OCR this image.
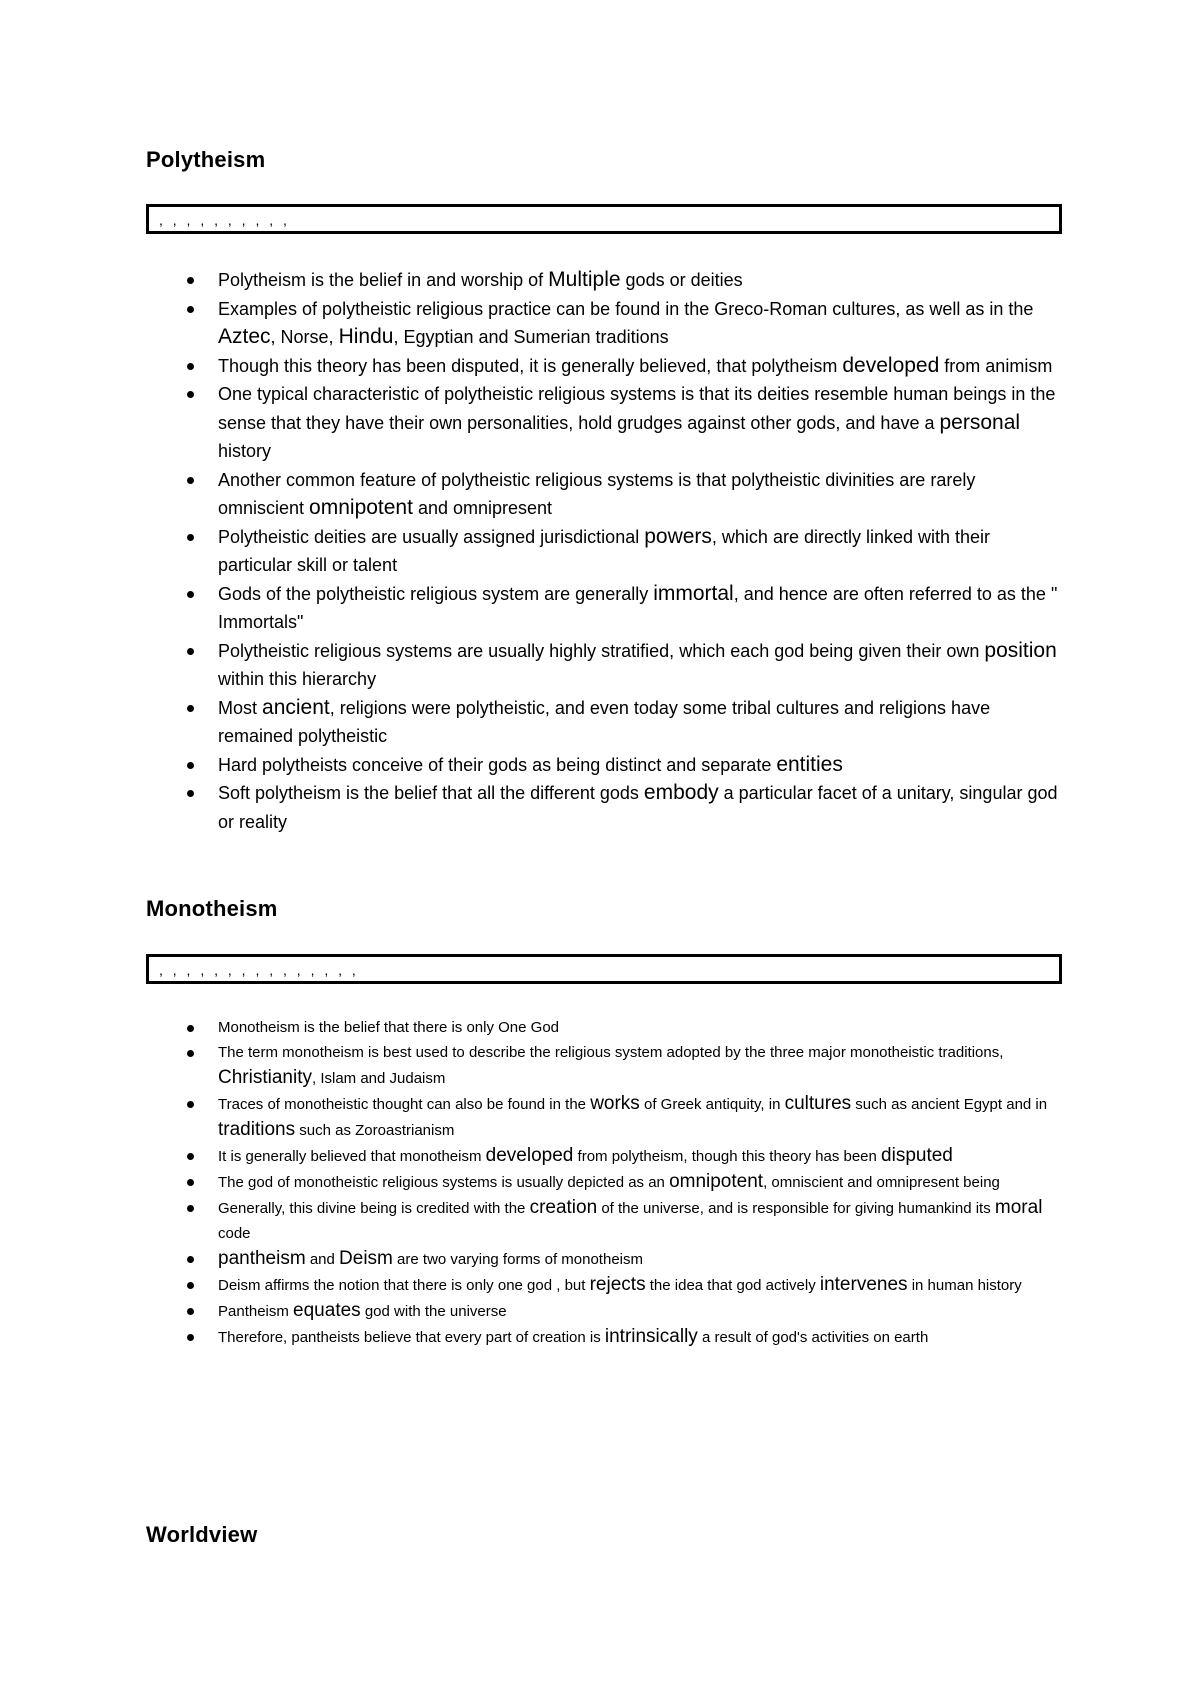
Polytheism
, , , , , , , , , ,
Polytheism is the belief in and worship of Multiple gods or deities
Examples of polytheistic religious practice can be found in the Greco-Roman cultures, as well as in the Aztec, Norse, Hindu, Egyptian and Sumerian traditions
Though this theory has been disputed, it is generally believed, that polytheism developed from animism
One typical characteristic of polytheistic religious systems is that its deities resemble human beings in the sense that they have their own personalities, hold grudges against other gods, and have a personal history
Another common feature of polytheistic religious systems is that polytheistic divinities are rarely omniscient omnipotent and omnipresent
Polytheistic deities are usually assigned jurisdictional powers, which are directly linked with their particular skill or talent
Gods of the polytheistic religious system are generally immortal, and hence are often referred to as the " Immortals"
Polytheistic religious systems are usually highly stratified, which each god being given their own position within this hierarchy
Most ancient, religions were polytheistic, and even today some tribal cultures and religions have remained polytheistic
Hard polytheists conceive of their gods as being distinct and separate entities
Soft polytheism is the belief that all the different gods embody a particular facet of a unitary, singular god or reality
Monotheism
, , , , , , , , , , , , , , ,
Monotheism is the belief that there is only One God
The term monotheism is best used to describe the religious system adopted by the three major monotheistic traditions, Christianity, Islam and Judaism
Traces of monotheistic thought can also be found in the works of Greek antiquity, in cultures such as ancient Egypt and in traditions such as Zoroastrianism
It is generally believed that monotheism developed from polytheism, though this theory has been disputed
The god of monotheistic religious systems is usually depicted as an omnipotent, omniscient and omnipresent being
Generally, this divine being is credited with the creation of the universe, and is responsible for giving humankind its moral code
pantheism and Deism are two varying forms of monotheism
Deism affirms the notion that there is only one god , but rejects the idea that god actively intervenes in human history
Pantheism equates god with the universe
Therefore, pantheists believe that every part of creation is intrinsically a result of god's activities on earth
Worldview
